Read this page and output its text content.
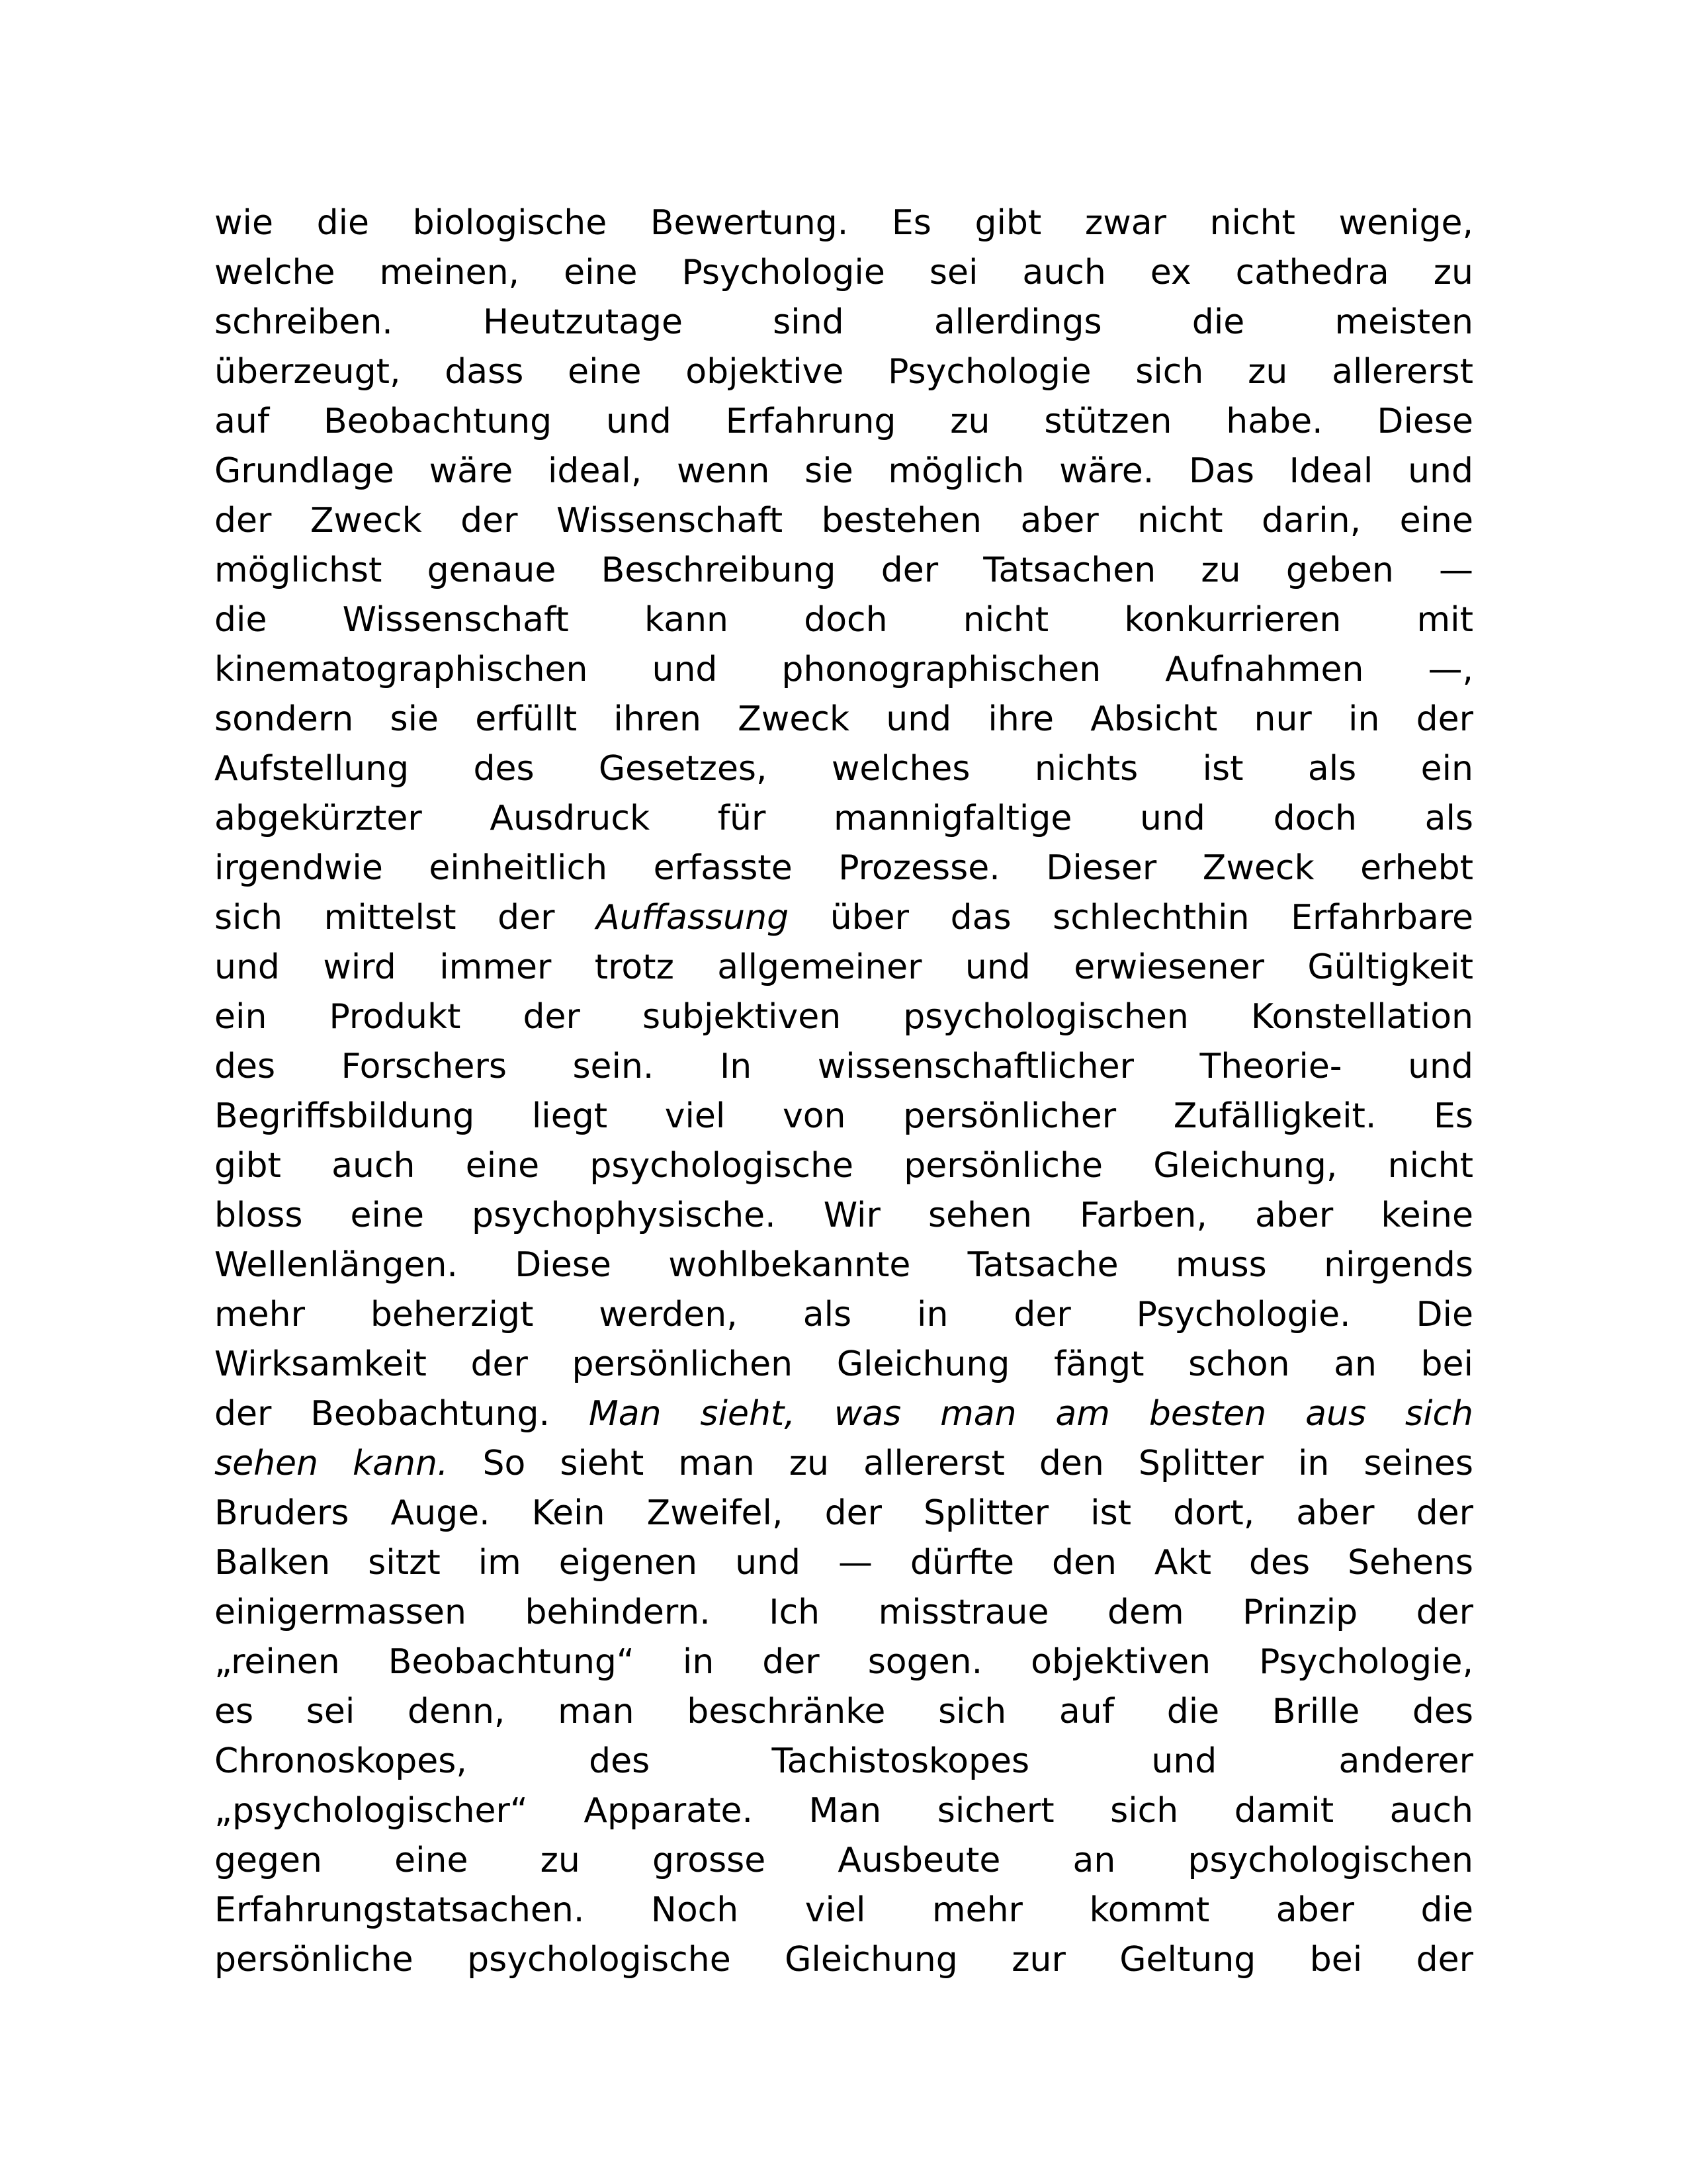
wie die biologische Bewertung. Es gibt zwar nicht wenige,
welche meinen, eine Psychologie sei auch ex cathedra zu
schreiben. Heutzutage sind allerdings die meisten
überzeugt, dass eine objektive Psychologie sich zu allererst
auf Beobachtung und Erfahrung zu stützen habe. Diese
Grundlage wäre ideal, wenn sie möglich wäre. Das Ideal und
der Zweck der Wissenschaft bestehen aber nicht darin, eine
möglichst genaue Beschreibung der Tatsachen zu geben —
die Wissenschaft kann doch nicht konkurrieren mit
kinematographischen und phonographischen Aufnahmen —,
sondern sie erfüllt ihren Zweck und ihre Absicht nur in der
Aufstellung des Gesetzes, welches nichts ist als ein
abgekürzter Ausdruck für mannigfaltige und doch als
irgendwie einheitlich erfasste Prozesse. Dieser Zweck erhebt
sich mittelst der Auffassung über das schlechthin Erfahrbare
und wird immer trotz allgemeiner und erwiesener Gültigkeit
ein Produkt der subjektiven psychologischen Konstellation
des Forschers sein. In wissenschaftlicher Theorie- und
Begriffsbildung liegt viel von persönlicher Zufälligkeit. Es
gibt auch eine psychologische persönliche Gleichung, nicht
bloss eine psychophysische. Wir sehen Farben, aber keine
Wellenlängen. Diese wohlbekannte Tatsache muss nirgends
mehr beherzigt werden, als in der Psychologie. Die
Wirksamkeit der persönlichen Gleichung fängt schon an bei
der Beobachtung. Man sieht, was man am besten aus sich
sehen kann. So sieht man zu allererst den Splitter in seines
Bruders Auge. Kein Zweifel, der Splitter ist dort, aber der
Balken sitzt im eigenen und — dürfte den Akt des Sehens
einigermassen behindern. Ich misstraue dem Prinzip der
„reinen Beobachtung“ in der sogen. objektiven Psychologie,
es sei denn, man beschränke sich auf die Brille des
Chronoskopes, des Tachistoskopes und anderer
„psychologischer“ Apparate. Man sichert sich damit auch
gegen eine zu grosse Ausbeute an psychologischen
Erfahrungstatsachen. Noch viel mehr kommt aber die
persönliche psychologische Gleichung zur Geltung bei der
